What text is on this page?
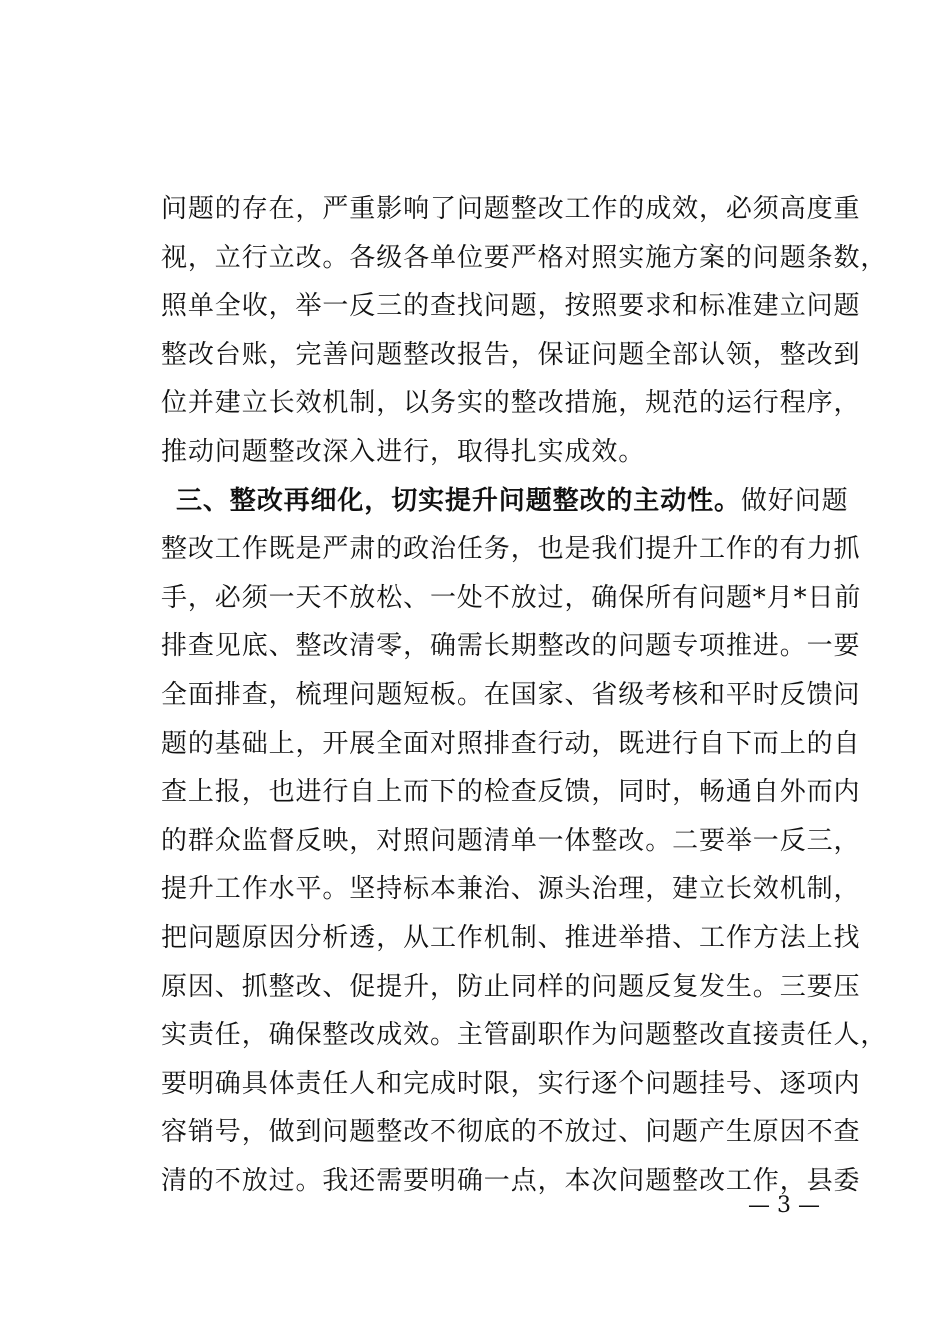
问题的存在，严重影响了问题整改工作的成效，必须高度重
视，立行立改。各级各单位要严格对照实施方案的问题条数，
照单全收，举一反三的查找问题，按照要求和标准建立问题
整改台账，完善问题整改报告，保证问题全部认领，整改到
位并建立长效机制，以务实的整改措施，规范的运行程序，
推动问题整改深入进行，取得扎实成效。
三、整改再细化，切实提升问题整改的主动性。做好问题
整改工作既是严肃的政治任务，也是我们提升工作的有力抓
手，必须一天不放松、一处不放过，确保所有问题*月*日前
排查见底、整改清零，确需长期整改的问题专项推进。一要
全面排查，梳理问题短板。在国家、省级考核和平时反馈问
题的基础上，开展全面对照排查行动，既进行自下而上的自
查上报，也进行自上而下的检查反馈，同时，畅通自外而内
的群众监督反映，对照问题清单一体整改。二要举一反三，
提升工作水平。坚持标本兼治、源头治理，建立长效机制，
把问题原因分析透，从工作机制、推进举措、工作方法上找
原因、抓整改、促提升，防止同样的问题反复发生。三要压
实责任，确保整改成效。主管副职作为问题整改直接责任人，
要明确具体责任人和完成时限，实行逐个问题挂号、逐项内
容销号，做到问题整改不彻底的不放过、问题产生原因不查
清的不放过。我还需要明确一点，本次问题整改工作，县委
— 3 —
